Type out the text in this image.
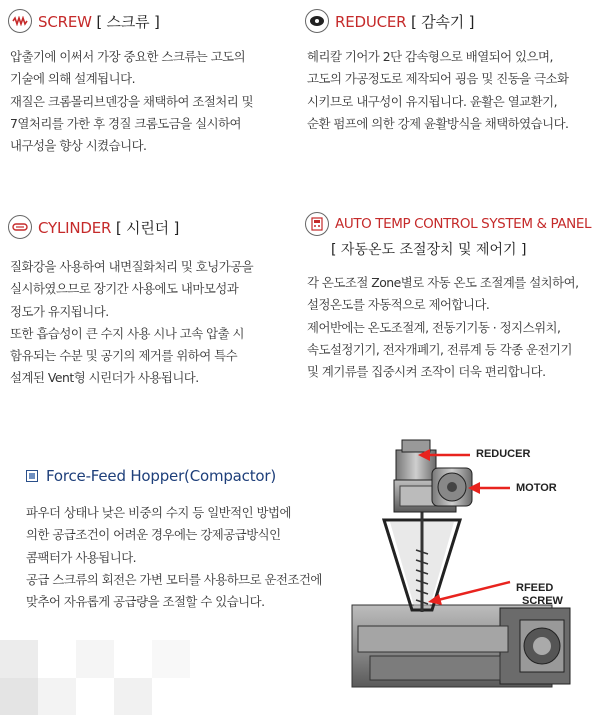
SCREW [ 스크류 ]
압출기에 이써서 가장 중요한 스크류는 고도의
기술에 의해 설계됩니다.
재질은 크롬몰리브덴강을 채택하여 조절처리 및
7열처리를 가한 후 경질 크롬도금을 실시하여
내구성을 향상 시켰습니다.
REDUCER [ 감속기 ]
헤리칼 기어가 2단 감속형으로 배열되어 있으며,
고도의 가공정도로 제작되어 굉음 및 진동을 극소화
시키므로 내구성이 유지됩니다. 윤활은 열교환기,
순환 펌프에 의한 강제 윤활방식을 채택하였습니다.
CYLINDER [ 시린더 ]
질화강을 사용하여 내면질화처리 및 호닝가공을
실시하였으므로 장기간 사용에도 내마모성과
정도가 유지됩니다.
또한 흡습성이 큰 수지 사용 시나 고속 압출 시
함유되는 수분 및 공기의 제거를 위하여 특수
설계된 Vent형 시린더가 사용됩니다.
AUTO TEMP CONTROL SYSTEM & PANEL
[ 자동온도 조절장치 및 제어기 ]
각 온도조절 Zone별로 자동 온도 조절계를 설치하여,
설정온도를 자동적으로 제어합니다.
제어반에는 온도조절계, 전동기기동 · 정지스위치,
속도설정기기, 전자개폐기, 전류계 등 각종 운전기기
및 계기류를 집중시켜 조작이 더욱 편리합니다.
Force-Feed Hopper(Compactor)
파우더 상태나 낮은 비중의 수지 등 일반적인 방법에
의한 공급조건이 어려운 경우에는 강제공급방식인
콤팩터가 사용됩니다.
공급 스크류의 회전은 가변 모터를 사용하므로 운전조건에
맞추어 자유롭게 공급량을 조절할 수 있습니다.
REDUCER
MOTOR
RFEED
SCREW
